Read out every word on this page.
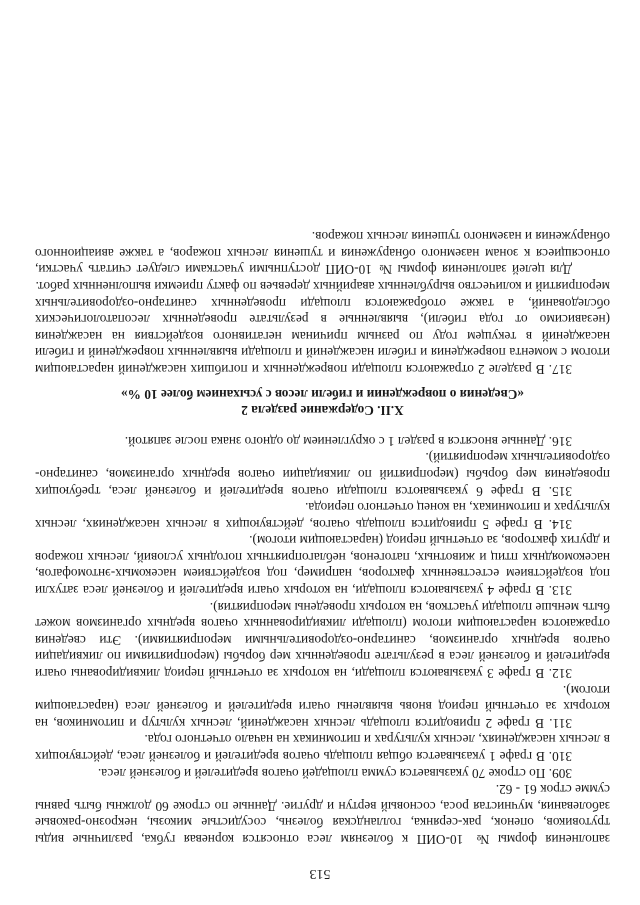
513

заполнения формы № 10-ОИП к болезням леса относятся корневая губка, различные виды трутовиков, опенок, рак-серянка, голландская болезнь, сосудистые микозы, некрозно-раковые заболевания, мучнистая роса, сосновый вертун и другие. Данные по строке 60 должны быть равны сумме строк 61 - 62.

309. По строке 70 указывается сумма площадей очагов вредителей и болезней леса.

310. В графе 1 указывается общая площадь очагов вредителей и болезней леса, действующих в лесных насаждениях, лесных культурах и питомниках на начало отчетного года.

311. В графе 2 приводится площадь лесных насаждений, лесных культур и питомников, на которых за отчетный период вновь выявлены очаги вредителей и болезней леса (нарастающим итогом).

312. В графе 3 указываются площади, на которых за отчетный период ликвидированы очаги вредителей и болезней леса в результате проведенных мер борьбы (мероприятиями по ликвидации очагов вредных организмов, санитарно-оздоровительными мероприятиями). Эти сведения отражаются нарастающим итогом (площади ликвидированных очагов вредных организмов может быть меньше площади участков, на которых проведены мероприятия).

313. В графе 4 указываются площади, на которых очаги вредителей и болезней леса затухли под воздействием естественных факторов, например, под воздействием насекомых-энтомофагов, насекомоядных птиц и животных, патогенов, неблагоприятных погодных условий, лесных пожаров и других факторов, за отчетный период (нарастающим итогом).

314. В графе 5 приводится площадь очагов, действующих в лесных насаждениях, лесных культурах и питомниках, на конец отчетного периода.

315. В графе 6 указываются площади очагов вредителей и болезней леса, требующих проведения мер борьбы (мероприятий по ликвидации очагов вредных организмов, санитарно-оздоровительных мероприятий).

316. Данные вносятся в раздел 1 с округлением до одного знака после запятой.

X.II. Содержание раздела 2

«Сведения о повреждении и гибели лесов с усыханием более 10 %»

317. В разделе 2 отражаются площади поврежденных и погибших насаждений нарастающим итогом с момента повреждения и гибели насаждений и площади выявленных повреждений и гибели насаждений в текущем году по разным причинам негативного воздействия на насаждения (независимо от года гибели), выявленные в результате проведенных лесопатологических обследований, а также отображаются площади проведенных санитарно-оздоровительных мероприятий и количество вырубленных аварийных деревьев по факту приемки выполненных работ.

Для целей заполнения формы № 10-ОИП доступными участками следует считать участки, относящиеся к зонам наземного обнаружения и тушения лесных пожаров, а также авиационного обнаружения и наземного тушения лесных пожаров.
